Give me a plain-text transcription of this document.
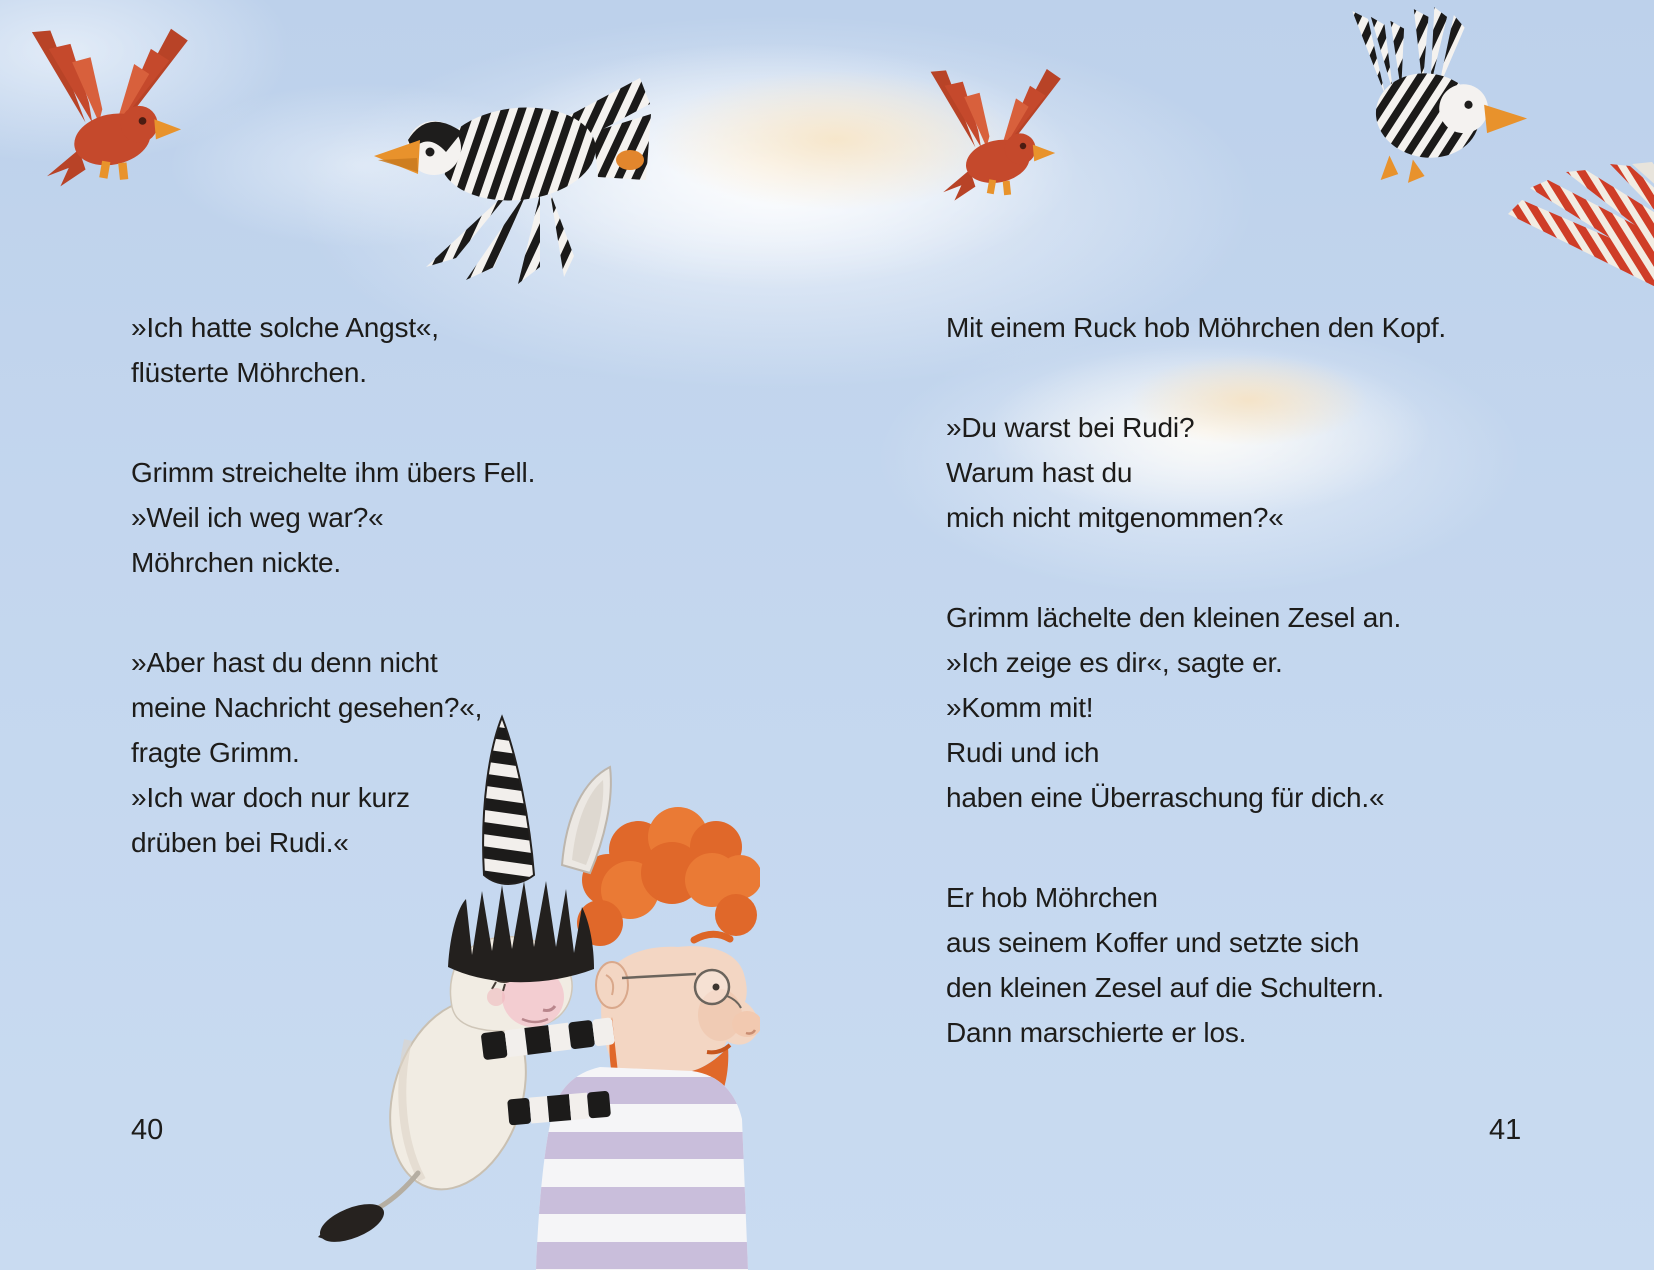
»Ich hatte solche Angst«,
flüsterte Möhrchen.

Grimm streichelte ihm übers Fell.
»Weil ich weg war?«
Möhrchen nickte.

»Aber hast du denn nicht
meine Nachricht gesehen?«,
fragte Grimm.
»Ich war doch nur kurz
drüben bei Rudi.«

Mit einem Ruck hob Möhrchen den Kopf.

»Du warst bei Rudi?
Warum hast du
mich nicht mitgenommen?«

Grimm lächelte den kleinen Zesel an.
»Ich zeige es dir«, sagte er.
»Komm mit!
Rudi und ich
haben eine Überraschung für dich.«

Er hob Möhrchen
aus seinem Koffer und setzte sich
den kleinen Zesel auf die Schultern.
Dann marschierte er los.

40	41
